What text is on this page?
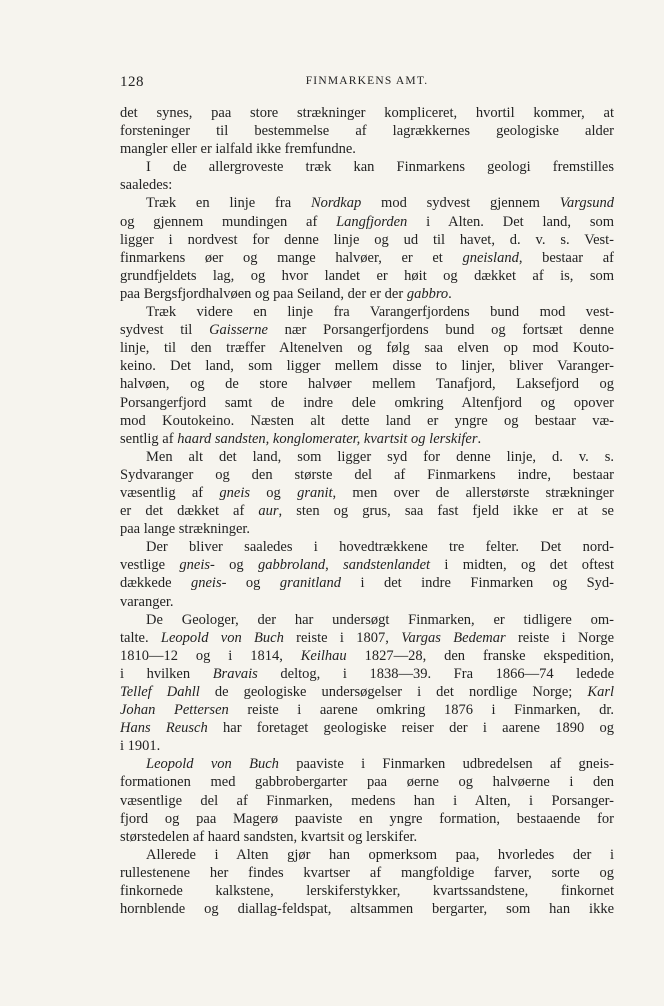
128	FINMARKENS AMT.
det synes, paa store strækninger kompliceret, hvortil kommer, at
forsteninger til bestemmelse af lagrækkernes geologiske alder
mangler eller er ialfald ikke fremfundne.
I de allergroveste træk kan Finmarkens geologi fremstilles
saaledes:
Træk en linje fra Nordkap mod sydvest gjennem Vargsund
og gjennem mundingen af Langfjorden i Alten. Det land, som
ligger i nordvest for denne linje og ud til havet, d. v. s. Vest-
finmarkens øer og mange halvøer, er et gneisland, bestaar af
grundfjeldets lag, og hvor landet er høit og dækket af is, som
paa Bergsfjordhalvøen og paa Seiland, der er der gabbro.
Træk videre en linje fra Varangerfjordens bund mod vest-
sydvest til Gaisserne nær Porsangerfjordens bund og fortsæt denne
linje, til den træffer Altenelven og følg saa elven op mod Kouto-
keino. Det land, som ligger mellem disse to linjer, bliver Varanger-
halvøen, og de store halvøer mellem Tanafjord, Laksefjord og
Porsangerfjord samt de indre dele omkring Altenfjord og opover
mod Koutokeino. Næsten alt dette land er yngre og bestaar væ-
sentlig af haard sandsten, konglomerater, kvartsit og lerskifer.
Men alt det land, som ligger syd for denne linje, d. v. s.
Sydvaranger og den største del af Finmarkens indre, bestaar
væsentlig af gneis og granit, men over de allerstørste strækninger
er det dækket af aur, sten og grus, saa fast fjeld ikke er at se
paa lange strækninger.
Der bliver saaledes i hovedtrækkene tre felter. Det nord-
vestlige gneis- og gabbroland, sandstenlandet i midten, og det oftest
dækkede gneis- og granitland i det indre Finmarken og Syd-
varanger.
De Geologer, der har undersøgt Finmarken, er tidligere om-
talte. Leopold von Buch reiste i 1807, Vargas Bedemar reiste i Norge
1810—12 og i 1814, Keilhau 1827—28, den franske ekspedition,
i hvilken Bravais deltog, i 1838—39. Fra 1866—74 ledede
Tellef Dahll de geologiske undersøgelser i det nordlige Norge; Karl
Johan Pettersen reiste i aarene omkring 1876 i Finmarken, dr.
Hans Reusch har foretaget geologiske reiser der i aarene 1890 og
i 1901.
Leopold von Buch paaviste i Finmarken udbredelsen af gneis-
formationen med gabbrobergarter paa øerne og halvøerne i den
væsentlige del af Finmarken, medens han i Alten, i Porsanger-
fjord og paa Magerø paaviste en yngre formation, bestaaende for
størstedelen af haard sandsten, kvartsit og lerskifer.
Allerede i Alten gjør han opmerksom paa, hvorledes der i
rullestenene her findes kvartser af mangfoldige farver, sorte og
finkornede kalkstene, lerskiferstykker, kvartssandstene, finkornet
hornblende og diallag-feldspat, altsammen bergarter, som han ikke
